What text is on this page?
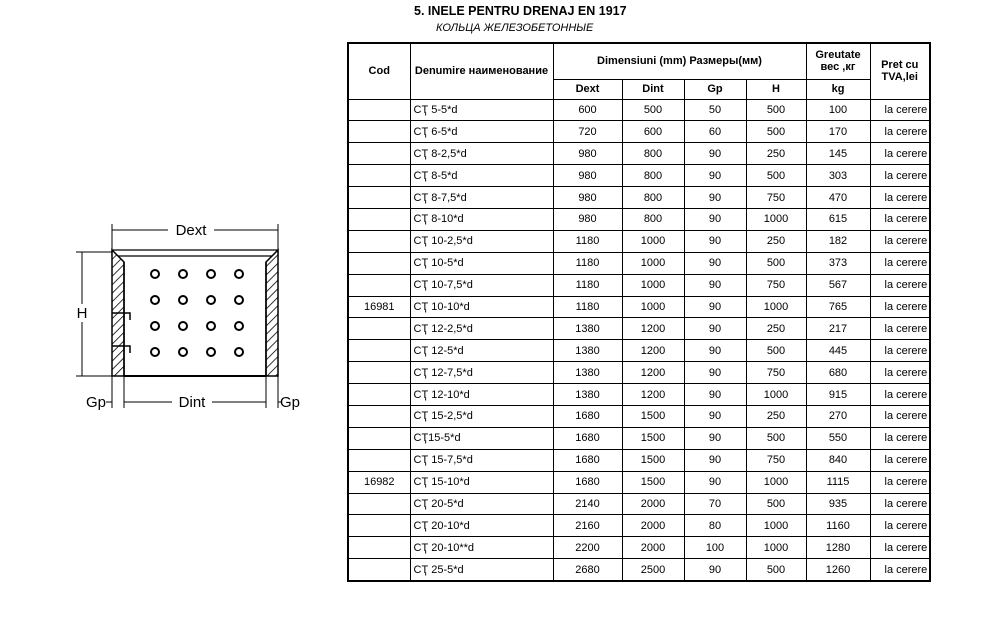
5. INELE PENTRU DRENAJ EN 1917
КОЛЬЦА ЖЕЛЕЗОБЕТОННЫЕ
Dext
H
Gp	Dint	Gp
Cod	Denumire наименование	Dimensiuni (mm) Размеры(мм)				Greutate вес ,кг	Pret cu TVA,lei
		Dext	Dint	Gp	H	kg	
	СҬ 5-5*d	600	500	50	500	100	la cerere
	СҬ 6-5*d	720	600	60	500	170	la cerere
	СҬ 8-2,5*d	980	800	90	250	145	la cerere
	СҬ 8-5*d	980	800	90	500	303	la cerere
	СҬ 8-7,5*d	980	800	90	750	470	la cerere
	СҬ 8-10*d	980	800	90	1000	615	la cerere
	СҬ 10-2,5*d	1180	1000	90	250	182	la cerere
	СҬ 10-5*d	1180	1000	90	500	373	la cerere
	СҬ 10-7,5*d	1180	1000	90	750	567	la cerere
16981	СҬ 10-10*d	1180	1000	90	1000	765	la cerere
	СҬ 12-2,5*d	1380	1200	90	250	217	la cerere
	СҬ 12-5*d	1380	1200	90	500	445	la cerere
	СҬ 12-7,5*d	1380	1200	90	750	680	la cerere
	СҬ 12-10*d	1380	1200	90	1000	915	la cerere
	СҬ 15-2,5*d	1680	1500	90	250	270	la cerere
	СҬ15-5*d	1680	1500	90	500	550	la cerere
	СҬ 15-7,5*d	1680	1500	90	750	840	la cerere
16982	СҬ 15-10*d	1680	1500	90	1000	1115	la cerere
	СҬ 20-5*d	2140	2000	70	500	935	la cerere
	СҬ 20-10*d	2160	2000	80	1000	1160	la cerere
	СҬ 20-10**d	2200	2000	100	1000	1280	la cerere
	СҬ 25-5*d	2680	2500	90	500	1260	la cerere
